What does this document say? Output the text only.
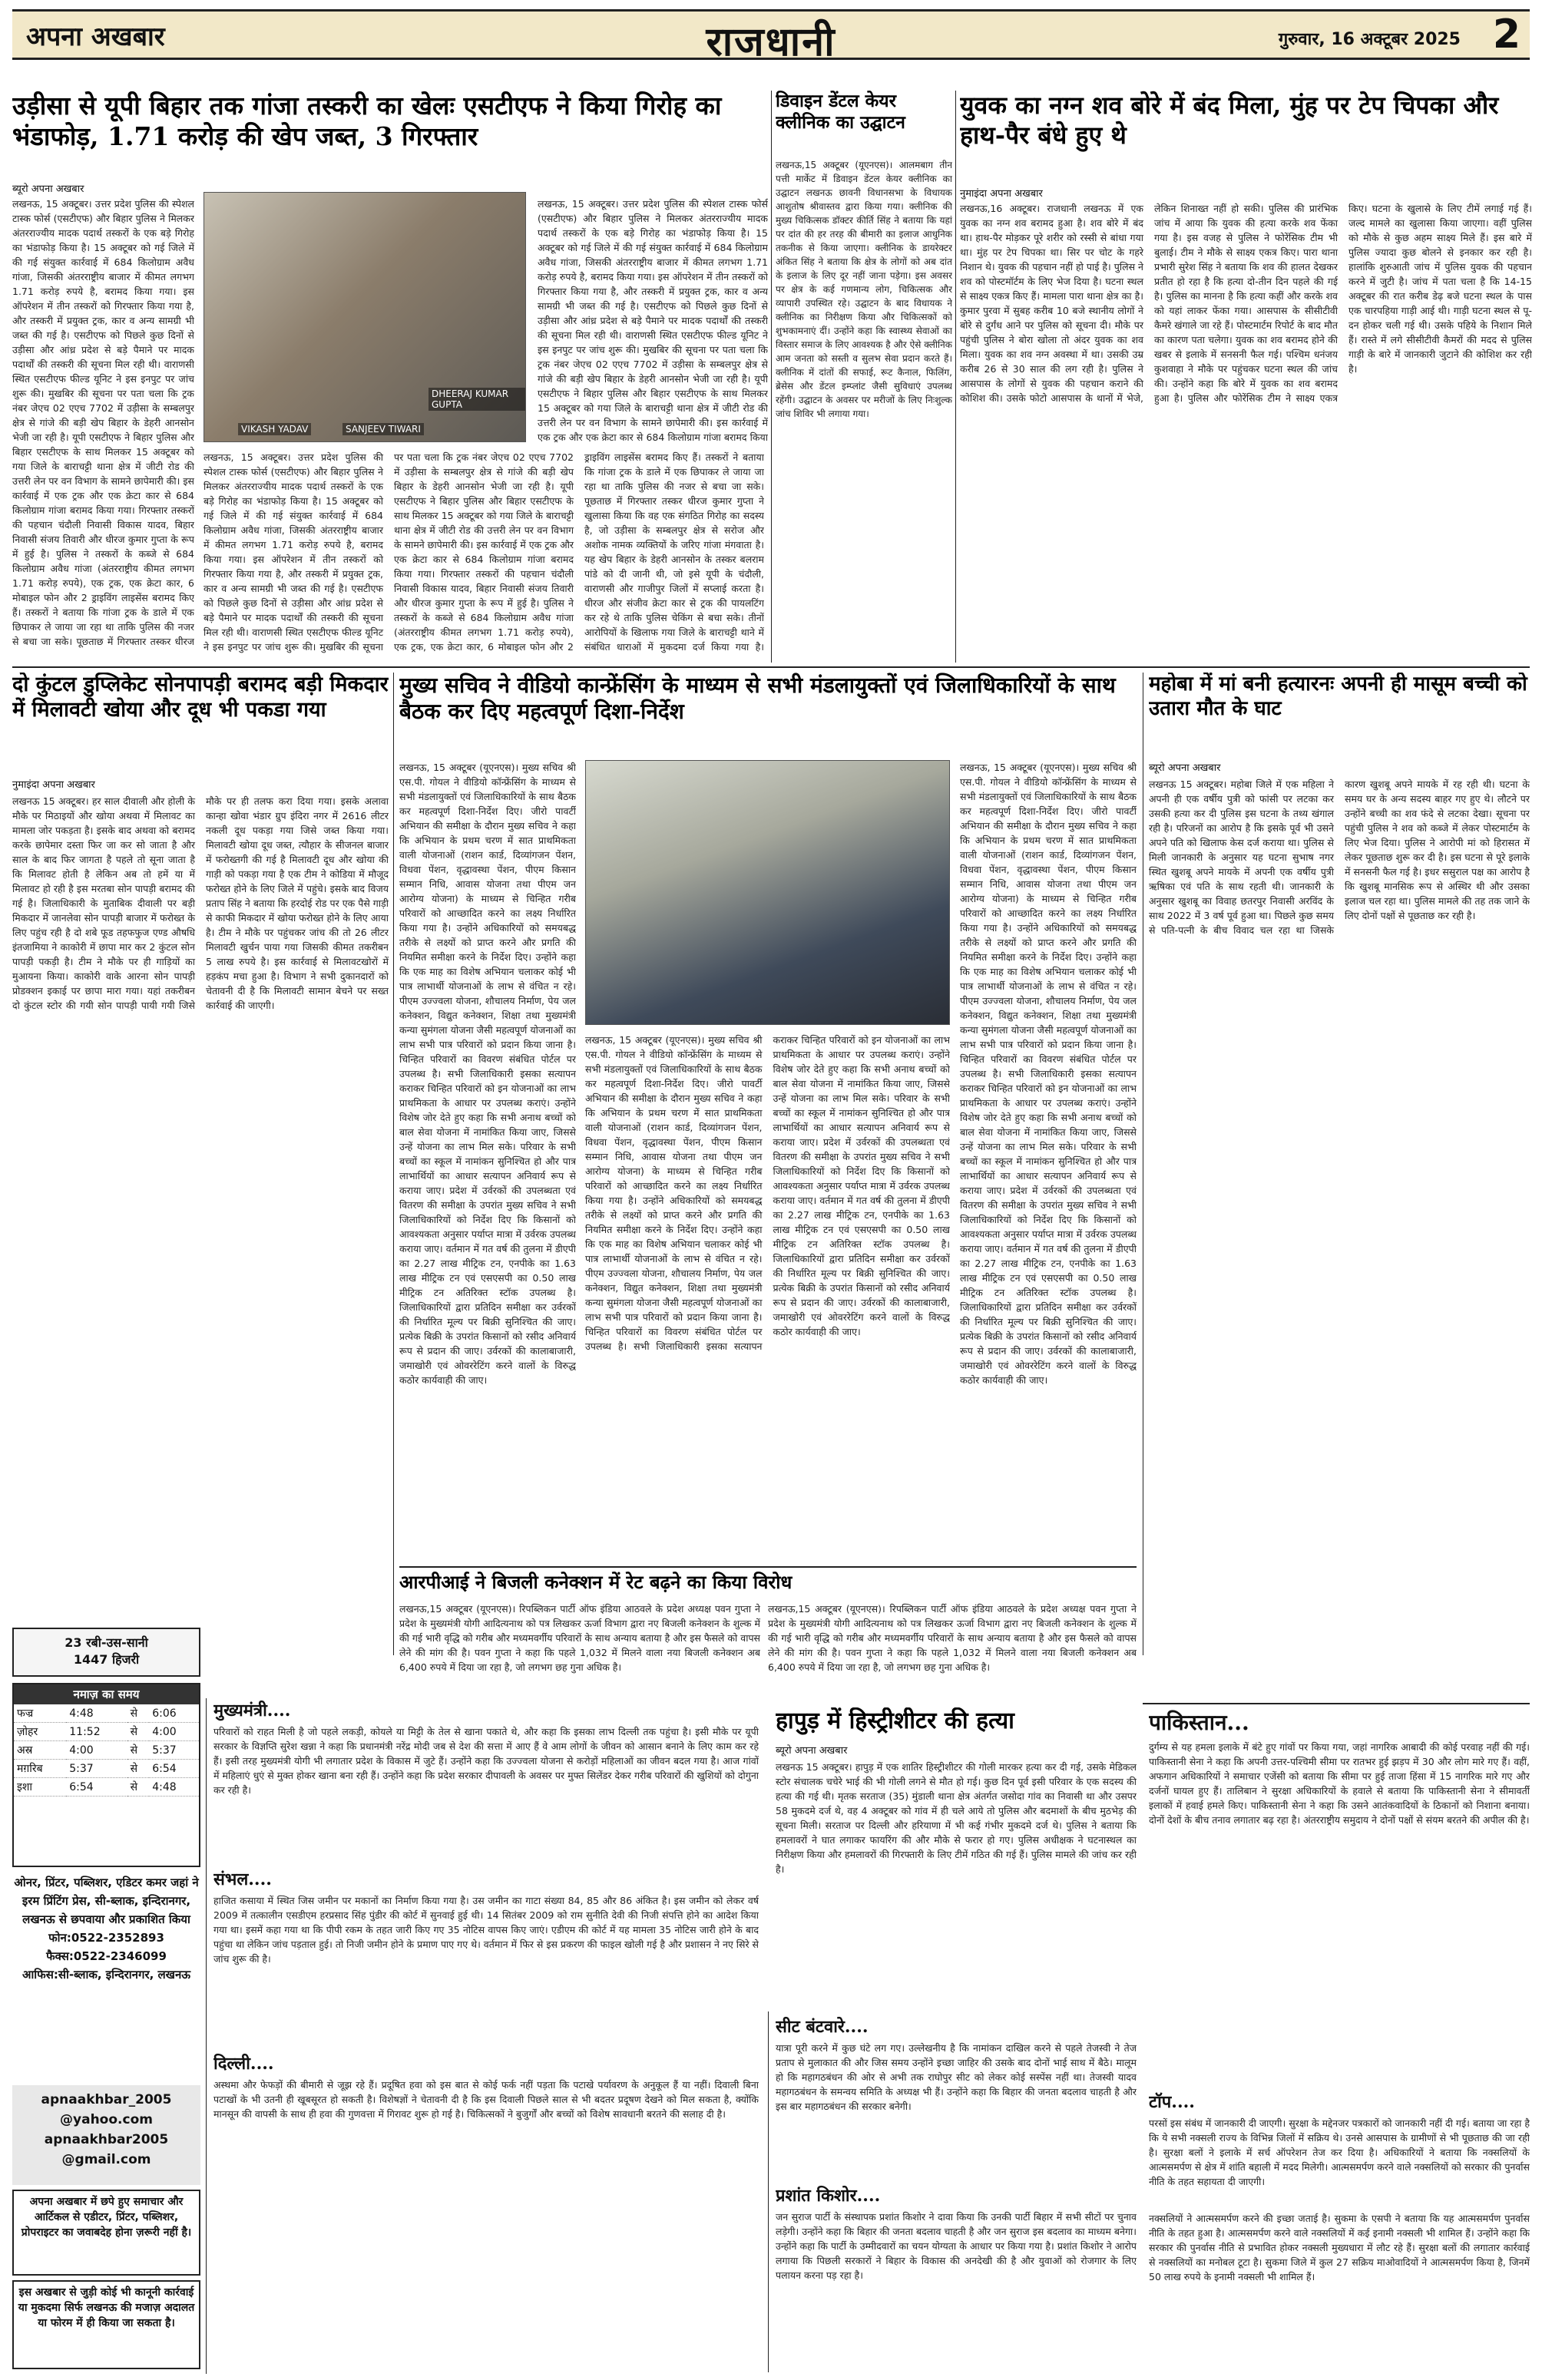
अपना अखबार	राजधानी	गुरुवार, 16 अक्टूबर 2025 2
उड़ीसा से यूपी बिहार तक गांजा तस्करी का खेलः एसटीएफ ने किया गिरोह का भंडाफोड़, 1.71 करोड़ की खेप जब्त, 3 गिरफ्तार
ब्यूरो अपना अखबार
VIKASH YADAV	SANJEEV TIWARI
DHEERAJ KUMAR GUPTA
लखनऊ, 15 अक्टूबर। उत्तर प्रदेश पुलिस की स्पेशल टास्क फोर्स (एसटीएफ) और बिहार पुलिस ने मिलकर अंतरराज्यीय मादक पदार्थ तस्करों के एक बड़े गिरोह का भंडाफोड़ किया है। 15 अक्टूबर को गई जिले में की गई संयुक्त कार्रवाई में 684 किलोग्राम अवैध गांजा, जिसकी अंतरराष्ट्रीय बाजार में कीमत लगभग 1.71 करोड़ रुपये है, बरामद किया गया। इस ऑपरेशन में तीन तस्करों को गिरफ्तार किया गया है, और तस्करी में प्रयुक्त ट्रक, कार व अन्य सामग्री भी जब्त की गई है। एसटीएफ को पिछले कुछ दिनों से उड़ीसा और आंध्र प्रदेश से बड़े पैमाने पर मादक पदार्थों की तस्करी की सूचना मिल रही थी। वाराणसी स्थित एसटीएफ फील्ड यूनिट ने इस इनपुट पर जांच शुरू की। मुखबिर की सूचना पर पता चला कि ट्रक नंबर जेएच 02 एएच 7702 में उड़ीसा के सम्बलपुर क्षेत्र से गांजे की बड़ी खेप बिहार के डेहरी आनसोन भेजी जा रही है। यूपी एसटीएफ ने बिहार पुलिस और बिहार एसटीएफ के साथ मिलकर 15 अक्टूबर को गया जिले के बाराचट्टी थाना क्षेत्र में जीटी रोड की उत्तरी लेन पर वन विभाग के सामने छापेमारी की। इस कार्रवाई में एक ट्रक और एक क्रेटा कार से 684 किलोग्राम गांजा बरामद किया गया। गिरफ्तार तस्करों की पहचान चंदौली निवासी विकास यादव, बिहार निवासी संजय तिवारी और धीरज कुमार गुप्ता के रूप में हुई है। पुलिस ने तस्करों के कब्जे से 684 किलोग्राम अवैध गांजा (अंतरराष्ट्रीय कीमत लगभग 1.71 करोड़ रुपये), एक ट्रक, एक क्रेटा कार, 6 मोबाइल फोन और 2 ड्राइविंग लाइसेंस बरामद किए हैं। तस्करों ने बताया कि गांजा ट्रक के डाले में एक छिपाकर ले जाया जा रहा था ताकि पुलिस की नजर से बचा जा सके। पूछताछ में गिरफ्तार तस्कर धीरज
लखनऊ, 15 अक्टूबर। उत्तर प्रदेश पुलिस की स्पेशल टास्क फोर्स (एसटीएफ) और बिहार पुलिस ने मिलकर अंतरराज्यीय मादक पदार्थ तस्करों के एक बड़े गिरोह का भंडाफोड़ किया है। 15 अक्टूबर को गई जिले में की गई संयुक्त कार्रवाई में 684 किलोग्राम अवैध गांजा, जिसकी अंतरराष्ट्रीय बाजार में कीमत लगभग 1.71 करोड़ रुपये है, बरामद किया गया। इस ऑपरेशन में तीन तस्करों को गिरफ्तार किया गया है, और तस्करी में प्रयुक्त ट्रक, कार व अन्य सामग्री भी जब्त की गई है। एसटीएफ को पिछले कुछ दिनों से उड़ीसा और आंध्र प्रदेश से बड़े पैमाने पर मादक पदार्थों की तस्करी की सूचना मिल रही थी। वाराणसी स्थित एसटीएफ फील्ड यूनिट ने इस इनपुट पर जांच शुरू की। मुखबिर की सूचना पर पता चला कि ट्रक नंबर जेएच 02 एएच 7702 में उड़ीसा के सम्बलपुर क्षेत्र से गांजे की बड़ी खेप बिहार के डेहरी आनसोन भेजी जा रही है। यूपी एसटीएफ ने बिहार पुलिस और बिहार एसटीएफ के साथ मिलकर 15 अक्टूबर को गया जिले के बाराचट्टी थाना क्षेत्र में जीटी रोड की उत्तरी लेन पर वन विभाग के सामने छापेमारी की। इस कार्रवाई में एक ट्रक और एक क्रेटा कार से 684 किलोग्राम गांजा बरामद किया गया। गिरफ्तार तस्करों की पहचान चंदौली निवासी विकास यादव, बिहार निवासी संजय तिवारी और धीरज कुमार गुप्ता के रूप में हुई है। पुलिस ने तस्करों के कब्जे से 684 किलोग्राम अवैध गांजा (अंतरराष्ट्रीय कीमत लगभग 1.71 करोड़ रुपये), एक ट्रक, एक क्रेटा कार, 6 मोबाइल फोन और 2 ड्राइविंग लाइसेंस बरामद किए हैं। तस्करों ने बताया कि गांजा ट्रक के डाले में एक छिपाकर ले जाया जा रहा था ताकि पुलिस की नजर से बचा जा सके। पूछताछ में गिरफ्तार तस्कर धीरज कुमार गुप्ता ने खुलासा किया कि वह एक संगठित गिरोह का सदस्य है, जो उड़ीसा के सम्बलपुर क्षेत्र से सरोज और अशोक नामक व्यक्तियों के जरिए गांजा मंगवाता है। यह खेप बिहार के डेहरी आनसोन के तस्कर बलराम पांडे को दी जानी थी, जो इसे यूपी के चंदौली, वाराणसी और गाजीपुर जिलों में सप्लाई करता है। धीरज और संजीव क्रेटा कार से ट्रक की पायलटिंग कर रहे थे ताकि पुलिस चेकिंग से बचा सके। तीनों आरोपियों के खिलाफ गया जिले के बाराचट्टी थाने में संबंधित धाराओं में मुकदमा दर्ज किया गया है।
लखनऊ, 15 अक्टूबर। उत्तर प्रदेश पुलिस की स्पेशल टास्क फोर्स (एसटीएफ) और बिहार पुलिस ने मिलकर अंतरराज्यीय मादक पदार्थ तस्करों के एक बड़े गिरोह का भंडाफोड़ किया है। 15 अक्टूबर को गई जिले में की गई संयुक्त कार्रवाई में 684 किलोग्राम अवैध गांजा, जिसकी अंतरराष्ट्रीय बाजार में कीमत लगभग 1.71 करोड़ रुपये है, बरामद किया गया। इस ऑपरेशन में तीन तस्करों को गिरफ्तार किया गया है, और तस्करी में प्रयुक्त ट्रक, कार व अन्य सामग्री भी जब्त की गई है। एसटीएफ को पिछले कुछ दिनों से उड़ीसा और आंध्र प्रदेश से बड़े पैमाने पर मादक पदार्थों की तस्करी की सूचना मिल रही थी। वाराणसी स्थित एसटीएफ फील्ड यूनिट ने इस इनपुट पर जांच शुरू की। मुखबिर की सूचना पर पता चला कि ट्रक नंबर जेएच 02 एएच 7702 में उड़ीसा के सम्बलपुर क्षेत्र से गांजे की बड़ी खेप बिहार के डेहरी आनसोन भेजी जा रही है। यूपी एसटीएफ ने बिहार पुलिस और बिहार एसटीएफ के साथ मिलकर 15 अक्टूबर को गया जिले के बाराचट्टी थाना क्षेत्र में जीटी रोड की उत्तरी लेन पर वन विभाग के सामने छापेमारी की। इस कार्रवाई में एक ट्रक और एक क्रेटा कार से 684 किलोग्राम गांजा बरामद किया
डिवाइन डेंटल केयर क्लीनिक का उद्घाटन
लखनऊ,15 अक्टूबर (यूएनएस)। आलमबाग तीन पत्ती मार्केट में डिवाइन डेंटल केयर क्लीनिक का उद्घाटन लखनऊ छावनी विधानसभा के विधायक आशुतोष श्रीवास्तव द्वारा किया गया। क्लीनिक की मुख्य चिकित्सक डॉक्टर कीर्ति सिंह ने बताया कि यहां पर दांत की हर तरह की बीमारी का इलाज आधुनिक तकनीक से किया जाएगा। क्लीनिक के डायरेक्टर अंकित सिंह ने बताया कि क्षेत्र के लोगों को अब दांत के इलाज के लिए दूर नहीं जाना पड़ेगा। इस अवसर पर क्षेत्र के कई गणमान्य लोग, चिकित्सक और व्यापारी उपस्थित रहे। उद्घाटन के बाद विधायक ने क्लीनिक का निरीक्षण किया और चिकित्सकों को शुभकामनाएं दीं। उन्होंने कहा कि स्वास्थ्य सेवाओं का विस्तार समाज के लिए आवश्यक है और ऐसे क्लीनिक आम जनता को सस्ती व सुलभ सेवा प्रदान करते हैं। क्लीनिक में दांतों की सफाई, रूट कैनाल, फिलिंग, ब्रेसेस और डेंटल इम्प्लांट जैसी सुविधाएं उपलब्ध रहेंगी। उद्घाटन के अवसर पर मरीजों के लिए निःशुल्क जांच शिविर भी लगाया गया।
युवक का नग्न शव बोरे में बंद मिला, मुंह पर टेप चिपका और हाथ-पैर बंधे हुए थे
नुमाइंदा अपना अखबार
लखनऊ,16 अक्टूबर। राजधानी लखनऊ में एक युवक का नग्न शव बरामद हुआ है। शव बोरे में बंद था। हाथ-पैर मोड़कर पूरे शरीर को रस्सी से बांधा गया था। मुंह पर टेप चिपका था। सिर पर चोट के गहरे निशान थे। युवक की पहचान नहीं हो पाई है। पुलिस ने शव को पोस्टमॉर्टम के लिए भेज दिया है। घटना स्थल से साक्ष्य एकत्र किए हैं। मामला पारा थाना क्षेत्र का है। कुमार पुरवा में सुबह करीब 10 बजे स्थानीय लोगों ने बोरे से दुर्गंध आने पर पुलिस को सूचना दी। मौके पर पहुंची पुलिस ने बोरा खोला तो अंदर युवक का शव मिला। युवक का शव नग्न अवस्था में था। उसकी उम्र करीब 26 से 30 साल की लग रही है। पुलिस ने आसपास के लोगों से युवक की पहचान कराने की कोशिश की। उसके फोटो आसपास के थानों में भेजे, लेकिन शिनाख्त नहीं हो सकी। पुलिस की प्रारंभिक जांच में आया कि युवक की हत्या करके शव फेंका गया है। इस वजह से पुलिस ने फोरेंसिक टीम भी बुलाई। टीम ने मौके से साक्ष्य एकत्र किए। पारा थाना प्रभारी सुरेश सिंह ने बताया कि शव की हालत देखकर प्रतीत हो रहा है कि हत्या दो-तीन दिन पहले की गई है। पुलिस का मानना है कि हत्या कहीं और करके शव को यहां लाकर फेंका गया। आसपास के सीसीटीवी कैमरे खंगाले जा रहे हैं। पोस्टमार्टम रिपोर्ट के बाद मौत का कारण पता चलेगा। युवक का शव बरामद होने की खबर से इलाके में सनसनी फैल गई। पश्चिम धनंजय कुशवाहा ने मौके पर पहुंचकर घटना स्थल की जांच की। उन्होंने कहा कि बोरे में युवक का शव बरामद हुआ है। पुलिस और फोरेंसिक टीम ने साक्ष्य एकत्र किए। घटना के खुलासे के लिए टीमें लगाई गई हैं। जल्द मामले का खुलासा किया जाएगा। वहीं पुलिस को मौके से कुछ अहम साक्ष्य मिले हैं। इस बारे में पुलिस ज्यादा कुछ बोलने से इनकार कर रही है। हालांकि शुरुआती जांच में पुलिस युवक की पहचान करने में जुटी है। जांच में पता चला है कि 14-15 अक्टूबर की रात करीब डेढ़ बजे घटना स्थल के पास एक चारपहिया गाड़ी आई थी। गाड़ी घटना स्थल से पू-दन होकर चली गई थी। उसके पहिये के निशान मिले हैं। रास्ते में लगे सीसीटीवी कैमरों की मदद से पुलिस गाड़ी के बारे में जानकारी जुटाने की कोशिश कर रही है।
दो कुंटल डुप्लिकेट सोनपापड़ी बरामद बड़ी मिकदार में मिलावटी खोया और दूध भी पकडा गया
नुमाइंदा अपना अखबार
लखनऊ 15 अक्टूबर। हर साल दीवाली और होली के मौके पर मिठाइयों और खोया अथवा में मिलावट का मामला जोर पकड़ता है। इसके बाद अथवा को बरामद करके छापेमार दस्ता फिर जा कर सो जाता है और साल के बाद फिर जागता है पहले तो सूना जाता है कि मिलावट होती है लेकिन अब तो हमें या में मिलावट हो रही है इस मरतबा सोन पापड़ी बरामद की गई है। जिलाधिकारी के मुताबिक दीवाली पर बड़ी मिकदार में जानलेवा सोन पापड़ी बाजार में फरोख्त के लिए पहुंच रही है दो शबे फूड तहफफुज एण्ड औषधि इंतजामिया ने काकोरी में छापा मार कर 2 कुंटल सोन पापड़ी पकड़ी है। टीम ने मौके पर ही गाड़ियों का मुआयना किया। काकोरी वाके आरना सोन पापड़ी प्रोडक्शन इकाई पर छापा मारा गया। यहां तकरीबन दो कुंटल स्टोर की गयी सोन पापड़ी पायी गयी जिसे मौके पर ही तलफ करा दिया गया। इसके अलावा कान्हा खोवा भंडार ग्रुप इंदिरा नगर में 2616 लीटर नकली दूध पकड़ा गया जिसे जब्त किया गया। मिलावटी खोया दूध जब्त, त्यौहार के सीजनल बाजार में फरोख्तगी की गई है मिलावटी दूध और खोया की गाड़ी को पकड़ा गया है एक टीम ने कोडिया में मौजूद फरोख्त होने के लिए जिले में पहुंचे। इसके बाद विजय प्रताप सिंह ने बताया कि हरदोई रोड पर एक पैसे गाड़ी से काफी मिकदार में खोया फरोख्त होने के लिए आया है। टीम ने मौके पर पहुंचकर जांच की तो 26 लीटर मिलावटी खुर्चन पाया गया जिसकी कीमत तकरीबन 5 लाख रुपये है। इस कार्रवाई से मिलावटखोरों में हड़कंप मचा हुआ है। विभाग ने सभी दुकानदारों को चेतावनी दी है कि मिलावटी सामान बेचने पर सख्त कार्रवाई की जाएगी।
मुख्य सचिव ने वीडियो कान्फ्रेंसिंग के माध्यम से सभी मंडलायुक्तों एवं जिलाधिकारियों के साथ बैठक कर दिए महत्वपूर्ण दिशा-निर्देश
लखनऊ, 15 अक्टूबर (यूएनएस)। मुख्य सचिव श्री एस.पी. गोयल ने वीडियो कॉन्फ्रेंसिंग के माध्यम से सभी मंडलायुक्तों एवं जिलाधिकारियों के साथ बैठक कर महत्वपूर्ण दिशा-निर्देश दिए। जीरो पावर्टी अभियान की समीक्षा के दौरान मुख्य सचिव ने कहा कि अभियान के प्रथम चरण में सात प्राथमिकता वाली योजनाओं (राशन कार्ड, दिव्यांगजन पेंशन, विधवा पेंशन, वृद्धावस्था पेंशन, पीएम किसान सम्मान निधि, आवास योजना तथा पीएम जन आरोग्य योजना) के माध्यम से चिन्हित गरीब परिवारों को आच्छादित करने का लक्ष्य निर्धारित किया गया है। उन्होंने अधिकारियों को समयबद्ध तरीके से लक्ष्यों को प्राप्त करने और प्रगति की नियमित समीक्षा करने के निर्देश दिए। उन्होंने कहा कि एक माह का विशेष अभियान चलाकर कोई भी पात्र लाभार्थी योजनाओं के लाभ से वंचित न रहे। पीएम उज्ज्वला योजना, शौचालय निर्माण, पेय जल कनेक्शन, विद्युत कनेक्शन, शिक्षा तथा मुख्यमंत्री कन्या सुमंगला योजना जैसी महत्वपूर्ण योजनाओं का लाभ सभी पात्र परिवारों को प्रदान किया जाना है। चिन्हित परिवारों का विवरण संबंधित पोर्टल पर उपलब्ध है। सभी जिलाधिकारी इसका सत्यापन कराकर चिन्हित परिवारों को इन योजनाओं का लाभ प्राथमिकता के आधार पर उपलब्ध कराएं। उन्होंने विशेष जोर देते हुए कहा कि सभी अनाथ बच्चों को बाल सेवा योजना में नामांकित किया जाए, जिससे उन्हें योजना का लाभ मिल सके। परिवार के सभी बच्चों का स्कूल में नामांकन सुनिश्चित हो और पात्र लाभार्थियों का आधार सत्यापन अनिवार्य रूप से कराया जाए। प्रदेश में उर्वरकों की उपलब्धता एवं वितरण की समीक्षा के उपरांत मुख्य सचिव ने सभी जिलाधिकारियों को निर्देश दिए कि किसानों को आवश्यकता अनुसार पर्याप्त मात्रा में उर्वरक उपलब्ध कराया जाए। वर्तमान में गत वर्ष की तुलना में डीएपी का 2.27 लाख मीट्रिक टन, एनपीके का 1.63 लाख मीट्रिक टन एवं एसएसपी का 0.50 लाख मीट्रिक टन अतिरिक्त स्टॉक उपलब्ध है। जिलाधिकारियों द्वारा प्रतिदिन समीक्षा कर उर्वरकों की निर्धारित मूल्य पर बिक्री सुनिश्चित की जाए। प्रत्येक बिक्री के उपरांत किसानों को रसीद अनिवार्य रूप से प्रदान की जाए। उर्वरकों की कालाबाजारी, जमाखोरी एवं ओवररेटिंग करने वालों के विरुद्ध कठोर कार्यवाही की जाए।
लखनऊ, 15 अक्टूबर (यूएनएस)। मुख्य सचिव श्री एस.पी. गोयल ने वीडियो कॉन्फ्रेंसिंग के माध्यम से सभी मंडलायुक्तों एवं जिलाधिकारियों के साथ बैठक कर महत्वपूर्ण दिशा-निर्देश दिए। जीरो पावर्टी अभियान की समीक्षा के दौरान मुख्य सचिव ने कहा कि अभियान के प्रथम चरण में सात प्राथमिकता वाली योजनाओं (राशन कार्ड, दिव्यांगजन पेंशन, विधवा पेंशन, वृद्धावस्था पेंशन, पीएम किसान सम्मान निधि, आवास योजना तथा पीएम जन आरोग्य योजना) के माध्यम से चिन्हित गरीब परिवारों को आच्छादित करने का लक्ष्य निर्धारित किया गया है। उन्होंने अधिकारियों को समयबद्ध तरीके से लक्ष्यों को प्राप्त करने और प्रगति की नियमित समीक्षा करने के निर्देश दिए। उन्होंने कहा कि एक माह का विशेष अभियान चलाकर कोई भी पात्र लाभार्थी योजनाओं के लाभ से वंचित न रहे। पीएम उज्ज्वला योजना, शौचालय निर्माण, पेय जल कनेक्शन, विद्युत कनेक्शन, शिक्षा तथा मुख्यमंत्री कन्या सुमंगला योजना जैसी महत्वपूर्ण योजनाओं का लाभ सभी पात्र परिवारों को प्रदान किया जाना है। चिन्हित परिवारों का विवरण संबंधित पोर्टल पर उपलब्ध है। सभी जिलाधिकारी इसका सत्यापन कराकर चिन्हित परिवारों को इन योजनाओं का लाभ प्राथमिकता के आधार पर उपलब्ध कराएं। उन्होंने विशेष जोर देते हुए कहा कि सभी अनाथ बच्चों को बाल सेवा योजना में नामांकित किया जाए, जिससे उन्हें योजना का लाभ मिल सके। परिवार के सभी बच्चों का स्कूल में नामांकन सुनिश्चित हो और पात्र लाभार्थियों का आधार सत्यापन अनिवार्य रूप से कराया जाए। प्रदेश में उर्वरकों की उपलब्धता एवं वितरण की समीक्षा के उपरांत मुख्य सचिव ने सभी जिलाधिकारियों को निर्देश दिए कि किसानों को आवश्यकता अनुसार पर्याप्त मात्रा में उर्वरक उपलब्ध कराया जाए। वर्तमान में गत वर्ष की तुलना में डीएपी का 2.27 लाख मीट्रिक टन, एनपीके का 1.63 लाख मीट्रिक टन एवं एसएसपी का 0.50 लाख मीट्रिक टन अतिरिक्त स्टॉक उपलब्ध है। जिलाधिकारियों द्वारा प्रतिदिन समीक्षा कर उर्वरकों की निर्धारित मूल्य पर बिक्री सुनिश्चित की जाए। प्रत्येक बिक्री के उपरांत किसानों को रसीद अनिवार्य रूप से प्रदान की जाए। उर्वरकों की कालाबाजारी, जमाखोरी एवं ओवररेटिंग करने वालों के विरुद्ध कठोर कार्यवाही की जाए।
लखनऊ, 15 अक्टूबर (यूएनएस)। मुख्य सचिव श्री एस.पी. गोयल ने वीडियो कॉन्फ्रेंसिंग के माध्यम से सभी मंडलायुक्तों एवं जिलाधिकारियों के साथ बैठक कर महत्वपूर्ण दिशा-निर्देश दिए। जीरो पावर्टी अभियान की समीक्षा के दौरान मुख्य सचिव ने कहा कि अभियान के प्रथम चरण में सात प्राथमिकता वाली योजनाओं (राशन कार्ड, दिव्यांगजन पेंशन, विधवा पेंशन, वृद्धावस्था पेंशन, पीएम किसान सम्मान निधि, आवास योजना तथा पीएम जन आरोग्य योजना) के माध्यम से चिन्हित गरीब परिवारों को आच्छादित करने का लक्ष्य निर्धारित किया गया है। उन्होंने अधिकारियों को समयबद्ध तरीके से लक्ष्यों को प्राप्त करने और प्रगति की नियमित समीक्षा करने के निर्देश दिए। उन्होंने कहा कि एक माह का विशेष अभियान चलाकर कोई भी पात्र लाभार्थी योजनाओं के लाभ से वंचित न रहे। पीएम उज्ज्वला योजना, शौचालय निर्माण, पेय जल कनेक्शन, विद्युत कनेक्शन, शिक्षा तथा मुख्यमंत्री कन्या सुमंगला योजना जैसी महत्वपूर्ण योजनाओं का लाभ सभी पात्र परिवारों को प्रदान किया जाना है। चिन्हित परिवारों का विवरण संबंधित पोर्टल पर उपलब्ध है। सभी जिलाधिकारी इसका सत्यापन कराकर चिन्हित परिवारों को इन योजनाओं का लाभ प्राथमिकता के आधार पर उपलब्ध कराएं। उन्होंने विशेष जोर देते हुए कहा कि सभी अनाथ बच्चों को बाल सेवा योजना में नामांकित किया जाए, जिससे उन्हें योजना का लाभ मिल सके। परिवार के सभी बच्चों का स्कूल में नामांकन सुनिश्चित हो और पात्र लाभार्थियों का आधार सत्यापन अनिवार्य रूप से कराया जाए। प्रदेश में उर्वरकों की उपलब्धता एवं वितरण की समीक्षा के उपरांत मुख्य सचिव ने सभी जिलाधिकारियों को निर्देश दिए कि किसानों को आवश्यकता अनुसार पर्याप्त मात्रा में उर्वरक उपलब्ध कराया जाए। वर्तमान में गत वर्ष की तुलना में डीएपी का 2.27 लाख मीट्रिक टन, एनपीके का 1.63 लाख मीट्रिक टन एवं एसएसपी का 0.50 लाख मीट्रिक टन अतिरिक्त स्टॉक उपलब्ध है। जिलाधिकारियों द्वारा प्रतिदिन समीक्षा कर उर्वरकों की निर्धारित मूल्य पर बिक्री सुनिश्चित की जाए। प्रत्येक बिक्री के उपरांत किसानों को रसीद अनिवार्य रूप से प्रदान की जाए। उर्वरकों की कालाबाजारी, जमाखोरी एवं ओवररेटिंग करने वालों के विरुद्ध कठोर कार्यवाही की जाए।
महोबा में मां बनी हत्यारनः अपनी ही मासूम बच्ची को उतारा मौत के घाट
ब्यूरो अपना अखबार
लखनऊ 15 अक्टूबर। महोबा जिले में एक महिला ने अपनी ही एक वर्षीय पुत्री को फांसी पर लटका कर उसकी हत्या कर दी पुलिस इस घटना के तथ्य खंगाल रही है। परिजनों का आरोप है कि इसके पूर्व भी उसने अपने पति को खिलाफ केस दर्ज कराया था। पुलिस से मिली जानकारी के अनुसार यह घटना सुभाष नगर स्थित खुशबू अपने मायके में अपनी एक वर्षीय पुत्री ऋषिका एवं पति के साथ रहती थी। जानकारी के अनुसार खुशबू का विवाह छतरपुर निवासी अरविंद के साथ 2022 में 3 वर्ष पूर्व हुआ था। पिछले कुछ समय से पति-पत्नी के बीच विवाद चल रहा था जिसके कारण खुशबू अपने मायके में रह रही थी। घटना के समय घर के अन्य सदस्य बाहर गए हुए थे। लौटने पर उन्होंने बच्ची का शव फंदे से लटका देखा। सूचना पर पहुंची पुलिस ने शव को कब्जे में लेकर पोस्टमार्टम के लिए भेज दिया। पुलिस ने आरोपी मां को हिरासत में लेकर पूछताछ शुरू कर दी है। इस घटना से पूरे इलाके में सनसनी फैल गई है। इधर ससुराल पक्ष का आरोप है कि खुशबू मानसिक रूप से अस्थिर थी और उसका इलाज चल रहा था। पुलिस मामले की तह तक जाने के लिए दोनों पक्षों से पूछताछ कर रही है।
आरपीआई ने बिजली कनेक्शन में रेट बढ़ने का किया विरोध
लखनऊ,15 अक्टूबर (यूएनएस)। रिपब्लिकन पार्टी ऑफ इंडिया आठवले के प्रदेश अध्यक्ष पवन गुप्ता ने प्रदेश के मुख्यमंत्री योगी आदित्यनाथ को पत्र लिखकर ऊर्जा विभाग द्वारा नए बिजली कनेक्शन के शुल्क में की गई भारी वृद्धि को गरीब और मध्यमवर्गीय परिवारों के साथ अन्याय बताया है और इस फैसले को वापस लेने की मांग की है। पवन गुप्ता ने कहा कि पहले 1,032 में मिलने वाला नया बिजली कनेक्शन अब 6,400 रुपये में दिया जा रहा है, जो लगभग छह गुना अधिक है।
लखनऊ,15 अक्टूबर (यूएनएस)। रिपब्लिकन पार्टी ऑफ इंडिया आठवले के प्रदेश अध्यक्ष पवन गुप्ता ने प्रदेश के मुख्यमंत्री योगी आदित्यनाथ को पत्र लिखकर ऊर्जा विभाग द्वारा नए बिजली कनेक्शन के शुल्क में की गई भारी वृद्धि को गरीब और मध्यमवर्गीय परिवारों के साथ अन्याय बताया है और इस फैसले को वापस लेने की मांग की है। पवन गुप्ता ने कहा कि पहले 1,032 में मिलने वाला नया बिजली कनेक्शन अब 6,400 रुपये में दिया जा रहा है, जो लगभग छह गुना अधिक है।
हापुड़ में हिस्ट्रीशीटर की हत्या
ब्यूरो अपना अखबार
लखनऊ 15 अक्टूबर। हापुड़ में एक शातिर हिस्ट्रीशीटर की गोली मारकर हत्या कर दी गई, उसके मेडिकल स्टोर संचालक चचेरे भाई की भी गोली लगने से मौत हो गई। कुछ दिन पूर्व इसी परिवार के एक सदस्य की हत्या की गई थी। मृतक सरताज (35) मुंडाली थाना क्षेत्र अंतर्गत जसोदा गांव का निवासी था और उसपर 58 मुकदमे दर्ज थे, वह 4 अक्टूबर को गांव में ही चले आये तो पुलिस और बदमाशों के बीच मुठभेड़ की सूचना मिली। सरताज पर दिल्ली और हरियाणा में भी कई गंभीर मुकदमे दर्ज थे। पुलिस ने बताया कि हमलावरों ने घात लगाकर फायरिंग की और मौके से फरार हो गए। पुलिस अधीक्षक ने घटनास्थल का निरीक्षण किया और हमलावरों की गिरफ्तारी के लिए टीमें गठित की गई हैं। पुलिस मामले की जांच कर रही है।
पाकिस्तान...
दुर्गम्य से यह हमला इलाके में बंटे हुए गांवों पर किया गया, जहां नागरिक आबादी की कोई परवाह नहीं की गई। पाकिस्तानी सेना ने कहा कि अपनी उत्तर-पश्चिमी सीमा पर रातभर हुई झड़प में 30 और लोग मारे गए हैं। वहीं, अफगान अधिकारियों ने समाचार एजेंसी को बताया कि सीमा पर हुई ताजा हिंसा में 15 नागरिक मारे गए और दर्जनों घायल हुए हैं। तालिबान ने सुरक्षा अधिकारियों के हवाले से बताया कि पाकिस्तानी सेना ने सीमावर्ती इलाकों में हवाई हमले किए। पाकिस्तानी सेना ने कहा कि उसने आतंकवादियों के ठिकानों को निशाना बनाया। दोनों देशों के बीच तनाव लगातार बढ़ रहा है। अंतरराष्ट्रीय समुदाय ने दोनों पक्षों से संयम बरतने की अपील की है।
टॉप....
परसों इस संबंध में जानकारी दी जाएगी। सुरक्षा के मद्देनजर पत्रकारों को जानकारी नहीं दी गई। बताया जा रहा है कि ये सभी नक्सली राज्य के विभिन्न जिलों में सक्रिय थे। उनसे आसपास के ग्रामीणों से भी पूछताछ की जा रही है। सुरक्षा बलों ने इलाके में सर्च ऑपरेशन तेज कर दिया है। अधिकारियों ने बताया कि नक्सलियों के आत्मसमर्पण से क्षेत्र में शांति बहाली में मदद मिलेगी। आत्मसमर्पण करने वाले नक्सलियों को सरकार की पुनर्वास नीति के तहत सहायता दी जाएगी।
नक्सलियों ने आत्मसमर्पण करने की इच्छा जताई है। सुकमा के एसपी ने बताया कि यह आत्मसमर्पण पुनर्वास नीति के तहत हुआ है। आत्मसमर्पण करने वाले नक्सलियों में कई इनामी नक्सली भी शामिल हैं। उन्होंने कहा कि सरकार की पुनर्वास नीति से प्रभावित होकर नक्सली मुख्यधारा में लौट रहे हैं। सुरक्षा बलों की लगातार कार्रवाई से नक्सलियों का मनोबल टूटा है। सुकमा जिले में कुल 27 सक्रिय माओवादियों ने आत्मसमर्पण किया है, जिनमें 50 लाख रुपये के इनामी नक्सली भी शामिल हैं।
23 रबी-उस-सानी
1447 हिजरी
नमाज़ का समय
फज्र	4:48	से	6:06
ज़ोहर	11:52	से	4:00
अस्र	4:00	से	5:37
मग़रिब	5:37	से	6:54
इशा	6:54	से	4:48
ओनर, प्रिंटर, पब्लिशर, एडिटर कमर जहां ने इरम प्रिंटिंग प्रेस, सी-ब्लाक, इन्दिरानगर, लखनऊ से छपवाया और प्रकाशित किया
फोन:0522-2352893
फैक्स:0522-2346099
आफिस:सी-ब्लाक, इन्दिरानगर, लखनऊ
apnaakhbar_2005
@yahoo.com
apnaakhbar2005
@gmail.com
अपना अखबार में छपे हुए समाचार और आर्टिकल से एडीटर, प्रिंटर, पब्लिशर, प्रोपराइटर का जवाबदेह होना ज़रूरी नहीं है।
इस अखबार से जुड़ी कोई भी कानूनी कार्रवाई या मुकदमा सिर्फ लखनऊ की मजाज़ अदालत या फोरम में ही किया जा सकता है।
मुख्यमंत्री....
परिवारों को राहत मिली है जो पहले लकड़ी, कोयले या मिट्टी के तेल से खाना पकाते थे, और कहा कि इसका लाभ दिल्ली तक पहुंचा है। इसी मौके पर यूपी सरकार के विज्ञप्ति सुरेश खन्ना ने कहा कि प्रधानमंत्री नरेंद्र मोदी जब से देश की सत्ता में आए हैं वे आम लोगों के जीवन को आसान बनाने के लिए काम कर रहे हैं। इसी तरह मुख्यमंत्री योगी भी लगातार प्रदेश के विकास में जुटे हैं। उन्होंने कहा कि उज्ज्वला योजना से करोड़ों महिलाओं का जीवन बदल गया है। आज गांवों में महिलाएं धुएं से मुक्त होकर खाना बना रही हैं। उन्होंने कहा कि प्रदेश सरकार दीपावली के अवसर पर मुफ्त सिलेंडर देकर गरीब परिवारों की खुशियों को दोगुना कर रही है।
संभल....
हाजित कसाया में स्थित जिस जमीन पर मकानों का निर्माण किया गया है। उस जमीन का गाटा संख्या 84, 85 और 86 अंकित है। इस जमीन को लेकर वर्ष 2009 में तत्कालीन एसडीएम हरप्रसाद सिंह पुंडीर की कोर्ट में सुनवाई हुई थी। 14 सितंबर 2009 को राम सुनीति देवी की निजी संपत्ति होने का आदेश किया गया था। इसमें कहा गया था कि पीपी रकम के तहत जारी किए गए 35 नोटिस वापस किए जाएं। एडीएम की कोर्ट में यह मामला 35 नोटिस जारी होने के बाद पहुंचा था लेकिन जांच पड़ताल हुई। तो निजी जमीन होने के प्रमाण पाए गए थे। वर्तमान में फिर से इस प्रकरण की फाइल खोली गई है और प्रशासन ने नए सिरे से जांच शुरू की है।
दिल्ली....
अस्थमा और फेफड़ों की बीमारी से जूझ रहे हैं। प्रदूषित हवा को इस बात से कोई फर्क नहीं पड़ता कि पटाखे पर्यावरण के अनुकूल हैं या नहीं। दिवाली बिना पटाखों के भी उतनी ही खूबसूरत हो सकती है। विशेषज्ञों ने चेतावनी दी है कि इस दिवाली पिछले साल से भी बदतर प्रदूषण देखने को मिल सकता है, क्योंकि मानसून की वापसी के साथ ही हवा की गुणवत्ता में गिरावट शुरू हो गई है। चिकित्सकों ने बुजुर्गों और बच्चों को विशेष सावधानी बरतने की सलाह दी है।
सीट बंटवारे....
यात्रा पूरी करने में कुछ घंटे लग गए। उल्लेखनीय है कि नामांकन दाखिल करने से पहले तेजस्वी ने तेज प्रताप से मुलाकात की और जिस समय उन्होंने इच्छा जाहिर की उसके बाद दोनों भाई साथ में बैठे। मालूम हो कि महागठबंधन की ओर से अभी तक राघोपुर सीट को लेकर कोई सस्पेंस नहीं था। तेजस्वी यादव महागठबंधन के समन्वय समिति के अध्यक्ष भी हैं। उन्होंने कहा कि बिहार की जनता बदलाव चाहती है और इस बार महागठबंधन की सरकार बनेगी।
प्रशांत किशोर....
जन सुराज पार्टी के संस्थापक प्रशांत किशोर ने दावा किया कि उनकी पार्टी बिहार में सभी सीटों पर चुनाव लड़ेगी। उन्होंने कहा कि बिहार की जनता बदलाव चाहती है और जन सुराज इस बदलाव का माध्यम बनेगा। उन्होंने कहा कि पार्टी के उम्मीदवारों का चयन योग्यता के आधार पर किया गया है। प्रशांत किशोर ने आरोप लगाया कि पिछली सरकारों ने बिहार के विकास की अनदेखी की है और युवाओं को रोजगार के लिए पलायन करना पड़ रहा है।
